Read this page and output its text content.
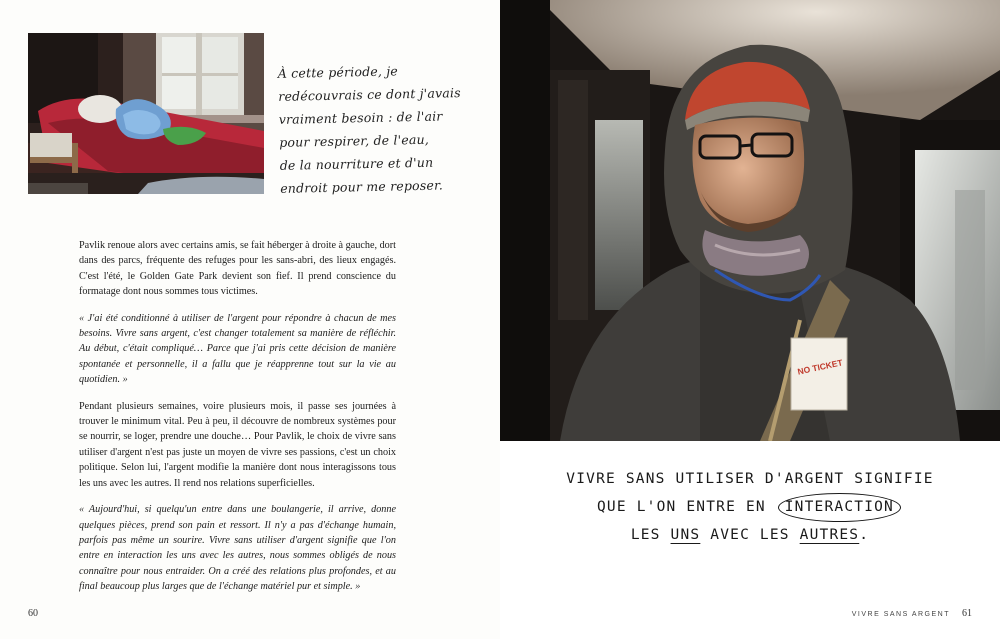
À cette période, je
redécouvrais ce dont j'avais
vraiment besoin : de l'air
pour respirer, de l'eau,
de la nourriture et d'un
endroit pour me reposer.

Pavlik renoue alors avec certains amis, se fait héberger à droite à gauche, dort dans des parcs, fréquente des refuges pour les sans-abri, des lieux engagés. C'est l'été, le Golden Gate Park devient son fief. Il prend conscience du formatage dont nous sommes tous victimes.

« J'ai été conditionné à utiliser de l'argent pour répondre à chacun de mes besoins. Vivre sans argent, c'est changer totalement sa manière de réfléchir. Au début, c'était compliqué… Parce que j'ai pris cette décision de manière spontanée et personnelle, il a fallu que je réapprenne tout sur la vie au quotidien. »

Pendant plusieurs semaines, voire plusieurs mois, il passe ses journées à trouver le minimum vital. Peu à peu, il découvre de nombreux systèmes pour se nourrir, se loger, prendre une douche… Pour Pavlik, le choix de vivre sans utiliser d'argent n'est pas juste un moyen de vivre ses passions, c'est un choix politique. Selon lui, l'argent modifie la manière dont nous interagissons tous les uns avec les autres. Il rend nos relations superficielles.

« Aujourd'hui, si quelqu'un entre dans une boulangerie, il arrive, donne quelques pièces, prend son pain et ressort. Il n'y a pas d'échange humain, parfois pas même un sourire. Vivre sans utiliser d'argent signifie que l'on entre en interaction les uns avec les autres, nous sommes obligés de nous connaître pour nous entraider. On a créé des relations plus profondes, et au final beaucoup plus larges que de l'échange matériel pur et simple. »

60
NO TICKET
VIVRE SANS UTILISER D'ARGENT SIGNIFIE
QUE L'ON ENTRE EN INTERACTION
LES UNS AVEC LES AUTRES.
VIVRE SANS ARGENT 61
